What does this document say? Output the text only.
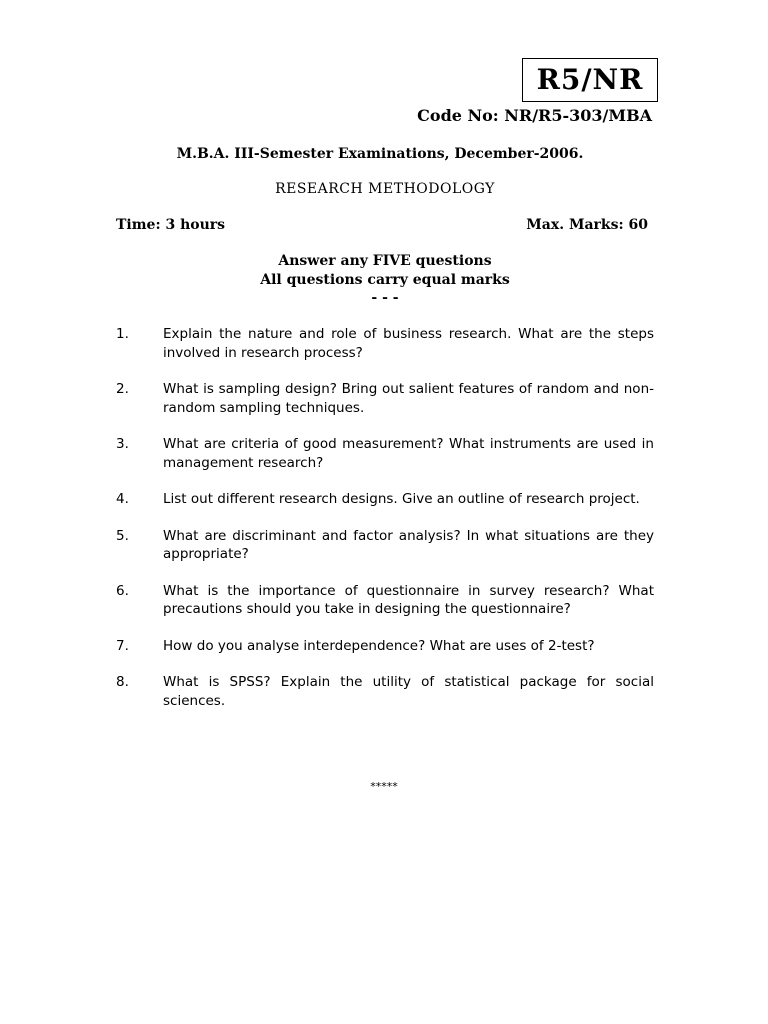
R5/NR
Code No: NR/R5-303/MBA
M.B.A. III-Semester Examinations, December-2006.
RESEARCH METHODOLOGY
Time: 3 hours	Max. Marks: 60
Answer any FIVE questions
All questions carry equal marks
- - -
1.	Explain the nature and role of business research. What are the steps involved in research process?
2.	What is sampling design? Bring out salient features of random and non-random sampling techniques.
3.	What are criteria of good measurement? What instruments are used in management research?
4.	List out different research designs. Give an outline of research project.
5.	What are discriminant and factor analysis? In what situations are they appropriate?
6.	What is the importance of questionnaire in survey research? What precautions should you take in designing the questionnaire?
7.	How do you analyse interdependence? What are uses of 2-test?
8.	What is SPSS? Explain the utility of statistical package for social sciences.
*****
